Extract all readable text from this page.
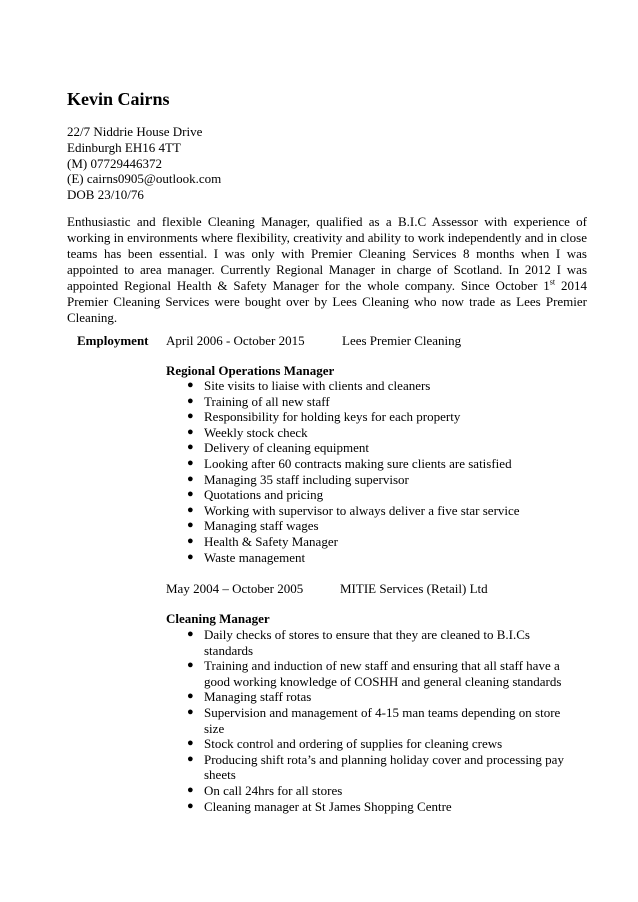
Kevin Cairns
22/7 Niddrie House Drive
Edinburgh EH16 4TT
(M) 07729446372
(E) cairns0905@outlook.com
DOB 23/10/76
Enthusiastic and flexible Cleaning Manager, qualified as a B.I.C Assessor with experience of working in environments where flexibility, creativity and ability to work independently and in close teams has been essential. I was only with Premier Cleaning Services 8 months when I was appointed to area manager. Currently Regional Manager in charge of Scotland. In 2012 I was appointed Regional Health & Safety Manager for the whole company. Since October 1st 2014 Premier Cleaning Services were bought over by Lees Cleaning who now trade as Lees Premier Cleaning.
Employment April 2006 - October 2015	Lees Premier Cleaning
Regional Operations Manager
● Site visits to liaise with clients and cleaners
● Training of all new staff
● Responsibility for holding keys for each property
● Weekly stock check
● Delivery of cleaning equipment
● Looking after 60 contracts making sure clients are satisfied
● Managing 35 staff including supervisor
● Quotations and pricing
● Working with supervisor to always deliver a five star service
● Managing staff wages
● Health & Safety Manager
● Waste management
May 2004 – October 2005	MITIE Services (Retail) Ltd
Cleaning Manager
● Daily checks of stores to ensure that they are cleaned to B.I.Cs standards
● Training and induction of new staff and ensuring that all staff have a good working knowledge of COSHH and general cleaning standards
● Managing staff rotas
● Supervision and management of 4-15 man teams depending on store size
● Stock control and ordering of supplies for cleaning crews
● Producing shift rota’s and planning holiday cover and processing pay sheets
● On call 24hrs for all stores
● Cleaning manager at St James Shopping Centre
